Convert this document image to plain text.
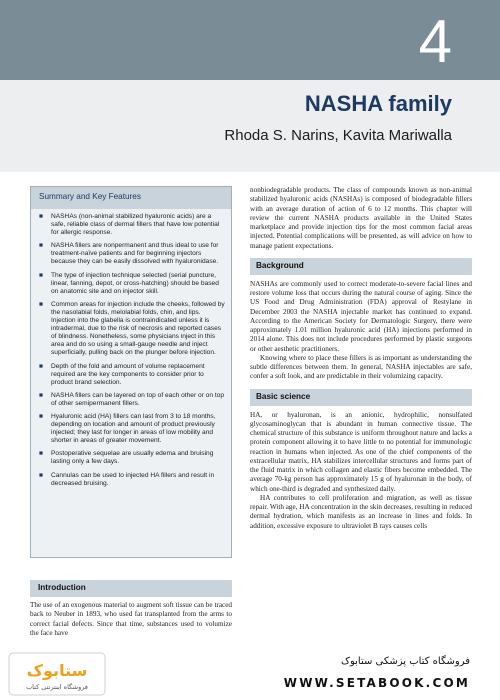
4
NASHA family
Rhoda S. Narins, Kavita Mariwalla
Summary and Key Features
■ NASHAs (non-animal stabilized hyaluronic acids) are a safe, reliable class of dermal fillers that have low potential for allergic response.
■ NASHA fillers are nonpermanent and thus ideal to use for treatment-naïve patients and for beginning injectors because they can be easily dissolved with hyaluronidase.
■ The type of injection technique selected (serial puncture, linear, fanning, depot, or cross-hatching) should be based on anatomic site and on injector skill.
■ Common areas for injection include the cheeks, followed by the nasolabial folds, melolabial folds, chin, and lips. Injection into the glabella is contraindicated unless it is intradermal, due to the risk of necrosis and reported cases of blindness. Nonetheless, some physicians inject in this area and do so using a small-gauge needle and inject superficially, pulling back on the plunger before injection.
■ Depth of the fold and amount of volume replacement required are the key components to consider prior to product brand selection.
■ NASHA fillers can be layered on top of each other or on top of other semipermanent fillers.
■ Hyaluronic acid (HA) fillers can last from 3 to 18 months, depending on location and amount of product previously injected; they last for longer in areas of low mobility and shorter in areas of greater movement.
■ Postoperative sequelae are usually edema and bruising lasting only a few days.
■ Cannulas can be used to injected HA fillers and result in decreased bruising.
Introduction
The use of an exogenous material to augment soft tissue can be traced back to Neuber in 1893, who used fat transplanted from the arms to correct facial defects. Since that time, substances used to volumize the face have

nonbiodegradable products. The class of compounds known as non-animal stabilized hyaluronic acids (NASHAs) is composed of biodegradable fillers with an average duration of action of 6 to 12 months. This chapter will review the current NASHA products available in the United States marketplace and provide injection tips for the most common facial areas injected. Potential complications will be presented, as will advice on how to manage patient expectations.

Background

NASHAs are commonly used to correct moderate-to-severe facial lines and restore volume loss that occurs during the natural course of aging. Since the US Food and Drug Administration (FDA) approval of Restylane in December 2003 the NASHA injectable market has continued to expand. According to the American Society for Dermatologic Surgery, there were approximately 1.01 million hyaluronic acid (HA) injections performed in 2014 alone. This does not include procedures performed by plastic surgeons or other aesthetic practitioners.

Knowing where to place these fillers is as important as understanding the subtle differences between them. In general, NASHA injectables are safe, confer a soft look, and are predictable in their volumizing capacity.

Basic science

HA, or hyaluronan, is an anionic, hydrophilic, nonsulfated glycosaminoglycan that is abundant in human connective tissue. The chemical structure of this substance is uniform throughout nature and lacks a protein component allowing it to have little to no potential for immunologic reaction in humans when injected. As one of the chief components of the extracellular matrix, HA stabilizes intercellular structures and forms part of the fluid matrix in which collagen and elastic fibers become embedded. The average 70-kg person has approximately 15 g of hyaluronan in the body, of which one-third is degraded and synthesized daily.

HA contributes to cell proliferation and migration, as well as tissue repair. With age, HA concentration in the skin decreases, resulting in reduced dermal hydration, which manifests as an increase in lines and folds. In addition, excessive exposure to ultraviolet B rays causes cells

ستابوک
فروشگاه اینترنتی کتاب
فروشگاه کتاب پزشکی ستابوک
WWW.SETABOOK.COM
